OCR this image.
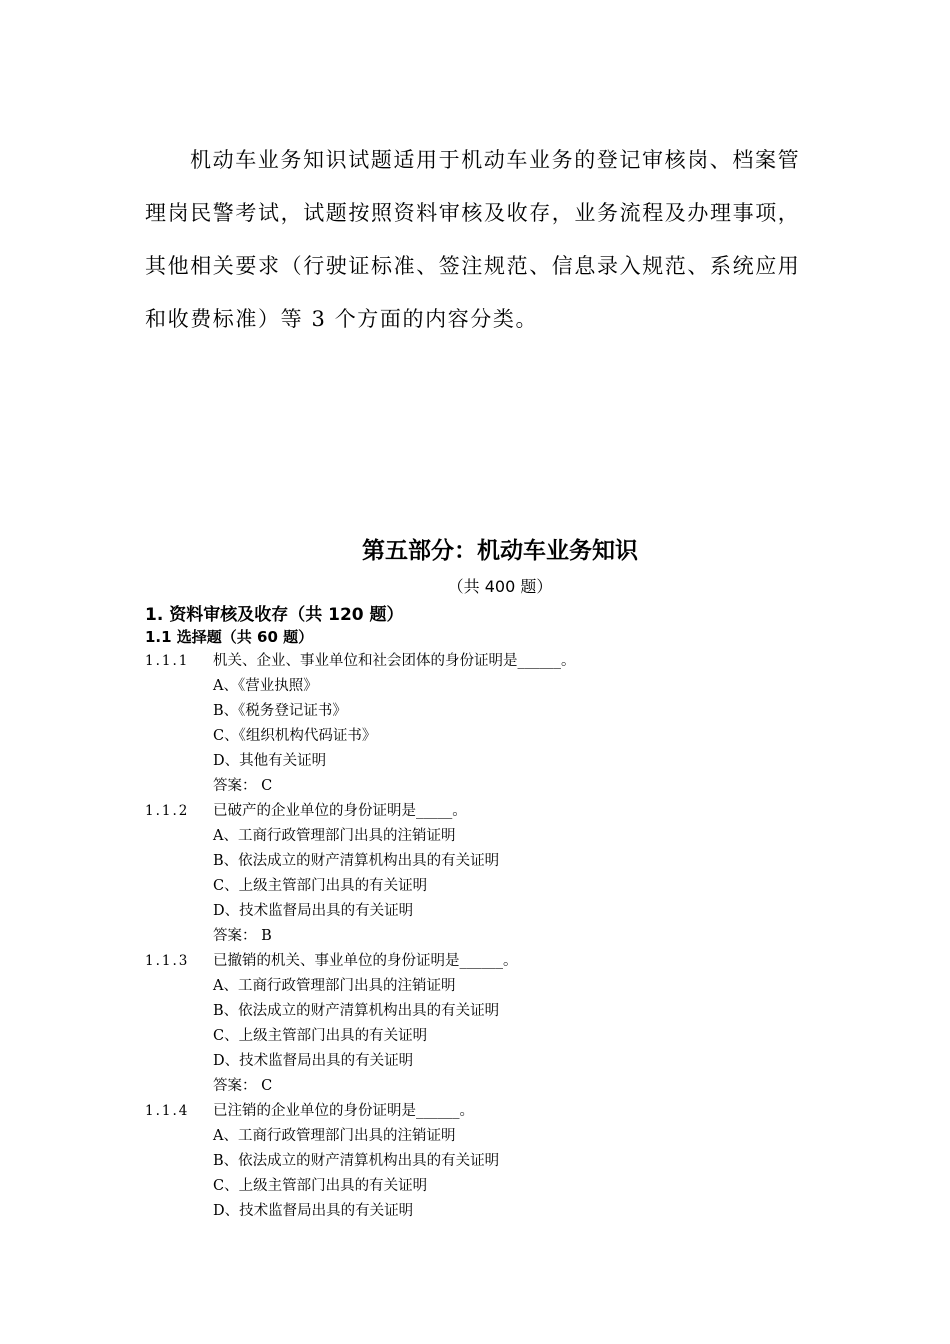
机动车业务知识试题适用于机动车业务的登记审核岗、档案管
理岗民警考试，试题按照资料审核及收存，业务流程及办理事项，
其他相关要求（行驶证标准、签注规范、信息录入规范、系统应用
和收费标准）等 3 个方面的内容分类。
第五部分：机动车业务知识
（共 400 题）
1. 资料审核及收存（共 120 题）
1.1 选择题（共 60 题）
1.1.1 机关、企业、事业单位和社会团体的身份证明是______。
A、《营业执照》
B、《税务登记证书》
C、《组织机构代码证书》
D、其他有关证明
答案： C
1.1.2 已破产的企业单位的身份证明是_____。
A、工商行政管理部门出具的注销证明
B、依法成立的财产清算机构出具的有关证明
C、上级主管部门出具的有关证明
D、技术监督局出具的有关证明
答案： B
1.1.3 已撤销的机关、事业单位的身份证明是______。
A、工商行政管理部门出具的注销证明
B、依法成立的财产清算机构出具的有关证明
C、上级主管部门出具的有关证明
D、技术监督局出具的有关证明
答案： C
1.1.4 已注销的企业单位的身份证明是______。
A、工商行政管理部门出具的注销证明
B、依法成立的财产清算机构出具的有关证明
C、上级主管部门出具的有关证明
D、技术监督局出具的有关证明
